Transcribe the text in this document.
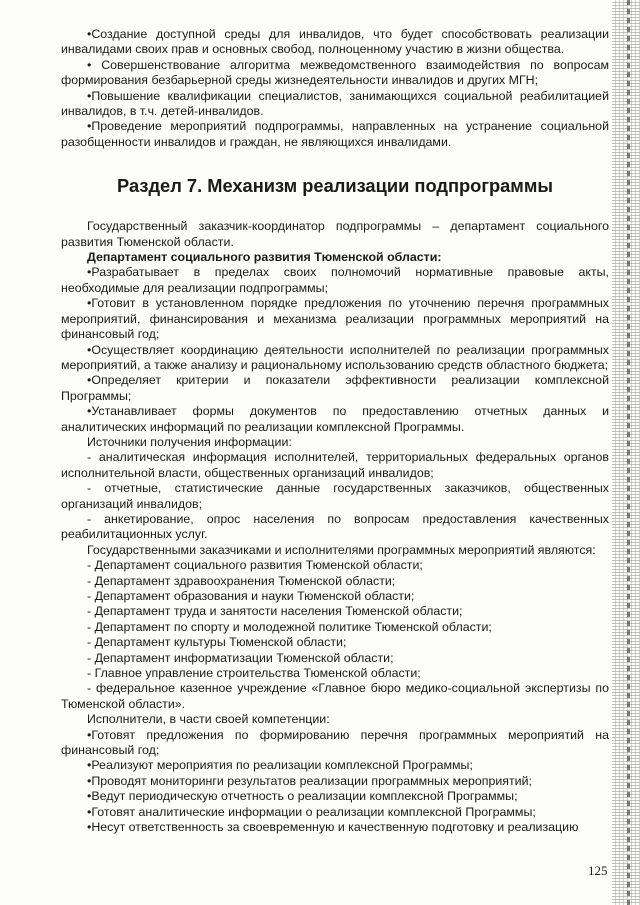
•Создание доступной среды для инвалидов, что будет способствовать реализации инвалидами своих прав и основных свобод, полноценному участию в жизни общества.

• Совершенствование алгоритма межведомственного взаимодействия по вопросам формирования безбарьерной среды жизнедеятельности инвалидов и других МГН;

•Повышение квалификации специалистов, занимающихся социальной реабилитацией инвалидов, в т.ч. детей-инвалидов.

•Проведение мероприятий подпрограммы, направленных на устранение социальной разобщенности инвалидов и граждан, не являющихся инвалидами.

Раздел 7. Механизм реализации подпрограммы

Государственный заказчик-координатор подпрограммы – департамент социального развития Тюменской области.

Департамент социального развития Тюменской области:

•Разрабатывает в пределах своих полномочий нормативные правовые акты, необходимые для реализации подпрограммы;

•Готовит в установленном порядке предложения по уточнению перечня программных мероприятий, финансирования и механизма реализации программных мероприятий на финансовый год;

•Осуществляет координацию деятельности исполнителей по реализации программных мероприятий, а также анализу и рациональному использованию средств областного бюджета;

•Определяет критерии и показатели эффективности реализации комплексной Программы;

•Устанавливает формы документов по предоставлению отчетных данных и аналитических информаций по реализации комплексной Программы.

Источники получения информации:

- аналитическая информация исполнителей, территориальных федеральных органов исполнительной власти, общественных организаций инвалидов;

- отчетные, статистические данные государственных заказчиков, общественных организаций инвалидов;

- анкетирование, опрос населения по вопросам предоставления качественных реабилитационных услуг.

Государственными заказчиками и исполнителями программных мероприятий являются:

- Департамент социального развития Тюменской области;

- Департамент здравоохранения Тюменской области;

- Департамент образования и науки Тюменской области;

- Департамент труда и занятости населения Тюменской области;

- Департамент по спорту и молодежной политике Тюменской области;

- Департамент культуры Тюменской области;

- Департамент информатизации Тюменской области;

- Главное управление строительства Тюменской области;

- федеральное казенное учреждение «Главное бюро медико-социальной экспертизы по Тюменской области».

Исполнители, в части своей компетенции:

•Готовят предложения по формированию перечня программных мероприятий на финансовый год;

•Реализуют мероприятия по реализации комплексной Программы;

•Проводят мониторинги результатов реализации программных мероприятий;

•Ведут периодическую отчетность о реализации комплексной Программы;

•Готовят аналитические информации о реализации комплексной Программы;

•Несут ответственность за своевременную и качественную подготовку и реализацию

125
